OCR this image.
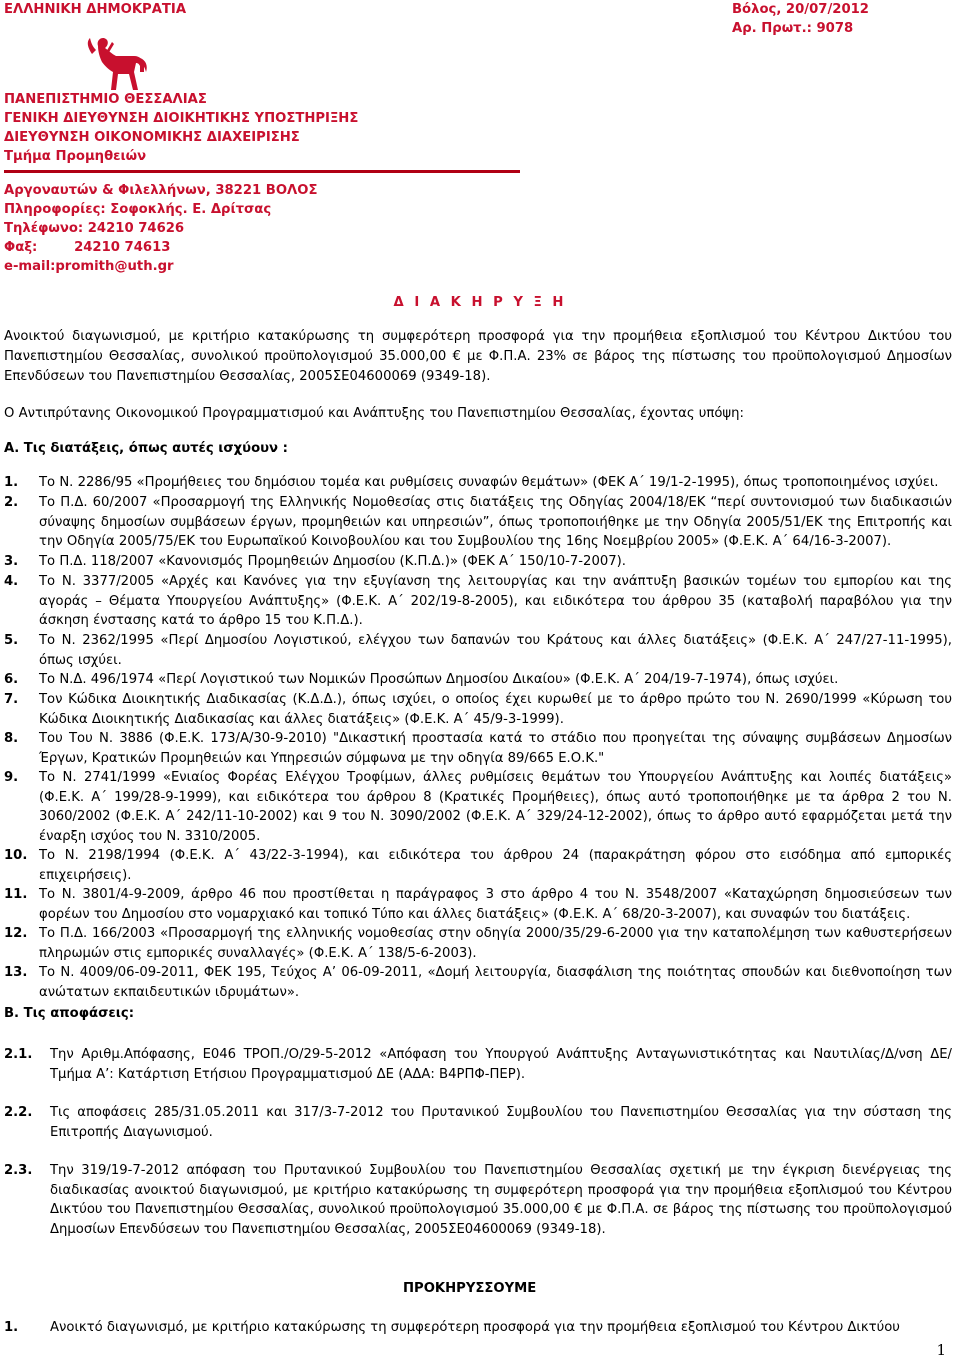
ΕΛΛΗΝΙΚΗ ΔΗΜΟΚΡΑΤΙΑ	Βόλος, 20/07/2012
Αρ. Πρωτ.: 9078
ΠΑΝΕΠΙΣΤΗΜΙΟ ΘΕΣΣΑΛΙΑΣ
ΓΕΝΙΚΗ ΔΙΕΥΘΥΝΣΗ ΔΙΟΙΚΗΤΙΚΗΣ ΥΠΟΣΤΗΡΙΞΗΣ
ΔΙΕΥΘΥΝΣΗ ΟΙΚΟΝΟΜΙΚΗΣ ΔΙΑΧΕΙΡΙΣΗΣ
Τμήμα Προμηθειών
Αργοναυτών & Φιλελλήνων, 38221 ΒΟΛΟΣ
Πληροφορίες: Σοφοκλής. Ε. Δρίτσας
Τηλέφωνο: 24210 74626
Φαξ:        24210 74613
e-mail:promith@uth.gr
Δ Ι Α Κ Η Ρ Υ Ξ Η
Ανοικτού διαγωνισμού, με κριτήριο κατακύρωσης τη συμφερότερη προσφορά για την προμήθεια εξοπλισμού του Κέντρου Δικτύου του Πανεπιστημίου Θεσσαλίας, συνολικού προϋπολογισμού 35.000,00 € με Φ.Π.Α. 23% σε βάρος της πίστωσης του προϋπολογισμού Δημοσίων Επενδύσεων του Πανεπιστημίου Θεσσαλίας, 2005ΣΕ04600069 (9349-18).
Ο Αντιπρύτανης Οικονομικού Προγραμματισμού και Ανάπτυξης του Πανεπιστημίου Θεσσαλίας, έχοντας υπόψη:
Α. Τις διατάξεις, όπως αυτές ισχύουν :
1. Το Ν. 2286/95 «Προμήθειες του δημόσιου τομέα και ρυθμίσεις συναφών θεμάτων» (ΦΕΚ Α΄ 19/1-2-1995), όπως τροποποιημένος ισχύει.
2. Το Π.Δ. 60/2007 «Προσαρμογή της Ελληνικής Νομοθεσίας στις διατάξεις της Οδηγίας 2004/18/ΕΚ “περί συντονισμού των διαδικασιών σύναψης δημοσίων συμβάσεων έργων, προμηθειών και υπηρεσιών”, όπως τροποποιήθηκε με την Οδηγία 2005/51/ΕΚ της Επιτροπής και την Οδηγία 2005/75/ΕΚ του Ευρωπαϊκού Κοινοβουλίου και του Συμβουλίου της 16ης Νοεμβρίου 2005» (Φ.Ε.Κ. Α΄ 64/16-3-2007).
3. Το Π.Δ. 118/2007 «Κανονισμός Προμηθειών Δημοσίου (Κ.Π.Δ.)» (ΦΕΚ Α΄ 150/10-7-2007).
4. Το Ν. 3377/2005 «Αρχές και Κανόνες για την εξυγίανση της λειτουργίας και την ανάπτυξη βασικών τομέων του εμπορίου και της αγοράς – Θέματα Υπουργείου Ανάπτυξης» (Φ.Ε.Κ. Α΄ 202/19-8-2005), και ειδικότερα του άρθρου 35 (καταβολή παραβόλου για την άσκηση ένστασης κατά το άρθρο 15 του Κ.Π.Δ.).
5. Το Ν. 2362/1995 «Περί Δημοσίου Λογιστικού, ελέγχου των δαπανών του Κράτους και άλλες διατάξεις» (Φ.Ε.Κ. Α΄ 247/27-11-1995), όπως ισχύει.
6. Το Ν.Δ. 496/1974 «Περί Λογιστικού των Νομικών Προσώπων Δημοσίου Δικαίου» (Φ.Ε.Κ. Α΄ 204/19-7-1974), όπως ισχύει.
7. Τον Κώδικα Διοικητικής Διαδικασίας (Κ.Δ.Δ.), όπως ισχύει, ο οποίος έχει κυρωθεί με το άρθρο πρώτο του Ν. 2690/1999 «Κύρωση του Κώδικα Διοικητικής Διαδικασίας και άλλες διατάξεις» (Φ.Ε.Κ. Α΄ 45/9-3-1999).
8. Του Του Ν. 3886 (Φ.Ε.Κ. 173/Α/30-9-2010) "Δικαστική προστασία κατά το στάδιο που προηγείται της σύναψης συμβάσεων Δημοσίων Έργων, Κρατικών Προμηθειών και Υπηρεσιών σύμφωνα με την οδηγία 89/665 Ε.Ο.Κ."
9. Το Ν. 2741/1999 «Ενιαίος Φορέας Ελέγχου Τροφίμων, άλλες ρυθμίσεις θεμάτων του Υπουργείου Ανάπτυξης και λοιπές διατάξεις» (Φ.Ε.Κ. Α΄ 199/28-9-1999), και ειδικότερα του άρθρου 8 (Κρατικές Προμήθειες), όπως αυτό τροποποιήθηκε με τα άρθρα 2 του Ν. 3060/2002 (Φ.Ε.Κ. Α΄ 242/11-10-2002) και 9 του Ν. 3090/2002 (Φ.Ε.Κ. Α΄ 329/24-12-2002), όπως το άρθρο αυτό εφαρμόζεται μετά την έναρξη ισχύος του Ν. 3310/2005.
10. Το Ν. 2198/1994 (Φ.Ε.Κ. Α΄ 43/22-3-1994), και ειδικότερα του άρθρου 24 (παρακράτηση φόρου στο εισόδημα από εμπορικές επιχειρήσεις).
11. Το Ν. 3801/4-9-2009, άρθρο 46 που προστίθεται η παράγραφος 3 στο άρθρο 4 του Ν. 3548/2007 «Καταχώρηση δημοσιεύσεων των φορέων του Δημοσίου στο νομαρχιακό και τοπικό Τύπο και άλλες διατάξεις» (Φ.Ε.Κ. Α΄ 68/20-3-2007), και συναφών του διατάξεις.
12. Το Π.Δ. 166/2003 «Προσαρμογή της ελληνικής νομοθεσίας στην οδηγία 2000/35/29-6-2000 για την καταπολέμηση των καθυστερήσεων πληρωμών στις εμπορικές συναλλαγές» (Φ.Ε.Κ. Α΄ 138/5-6-2003).
13. Το Ν. 4009/06-09-2011, ΦΕΚ 195, Τεύχος Α’ 06-09-2011, «Δομή λειτουργία, διασφάλιση της ποιότητας σπουδών και διεθνοποίηση των ανώτατων εκπαιδευτικών ιδρυμάτων».
Β. Τις αποφάσεις:
2.1. Την Αριθμ.Απόφασης, Ε046 ΤΡΟΠ./Ο/29-5-2012 «Απόφαση του Υπουργού Ανάπτυξης Ανταγωνιστικότητας και Ναυτιλίας/Δ/νση ΔΕ/Τμήμα Α’: Κατάρτιση Ετήσιου Προγραμματισμού ΔΕ (ΑΔΑ: Β4ΡΠΦ-ΠΕΡ).
2.2. Τις αποφάσεις 285/31.05.2011 και 317/3-7-2012 του Πρυτανικού Συμβουλίου του Πανεπιστημίου Θεσσαλίας για την σύσταση της Επιτροπής Διαγωνισμού.
2.3. Την 319/19-7-2012 απόφαση του Πρυτανικού Συμβουλίου του Πανεπιστημίου Θεσσαλίας σχετική με την έγκριση διενέργειας της διαδικασίας ανοικτού διαγωνισμού, με κριτήριο κατακύρωσης τη συμφερότερη προσφορά για την προμήθεια εξοπλισμού του Κέντρου Δικτύου του Πανεπιστημίου Θεσσαλίας, συνολικού προϋπολογισμού 35.000,00 € με Φ.Π.Α. σε βάρος της πίστωσης του προϋπολογισμού Δημοσίων Επενδύσεων του Πανεπιστημίου Θεσσαλίας, 2005ΣΕ04600069 (9349-18).
ΠΡΟΚΗΡΥΣΣΟΥΜΕ
1. Ανοικτό διαγωνισμό, με κριτήριο κατακύρωσης τη συμφερότερη προσφορά για την προμήθεια εξοπλισμού του Κέντρου Δικτύου
1
